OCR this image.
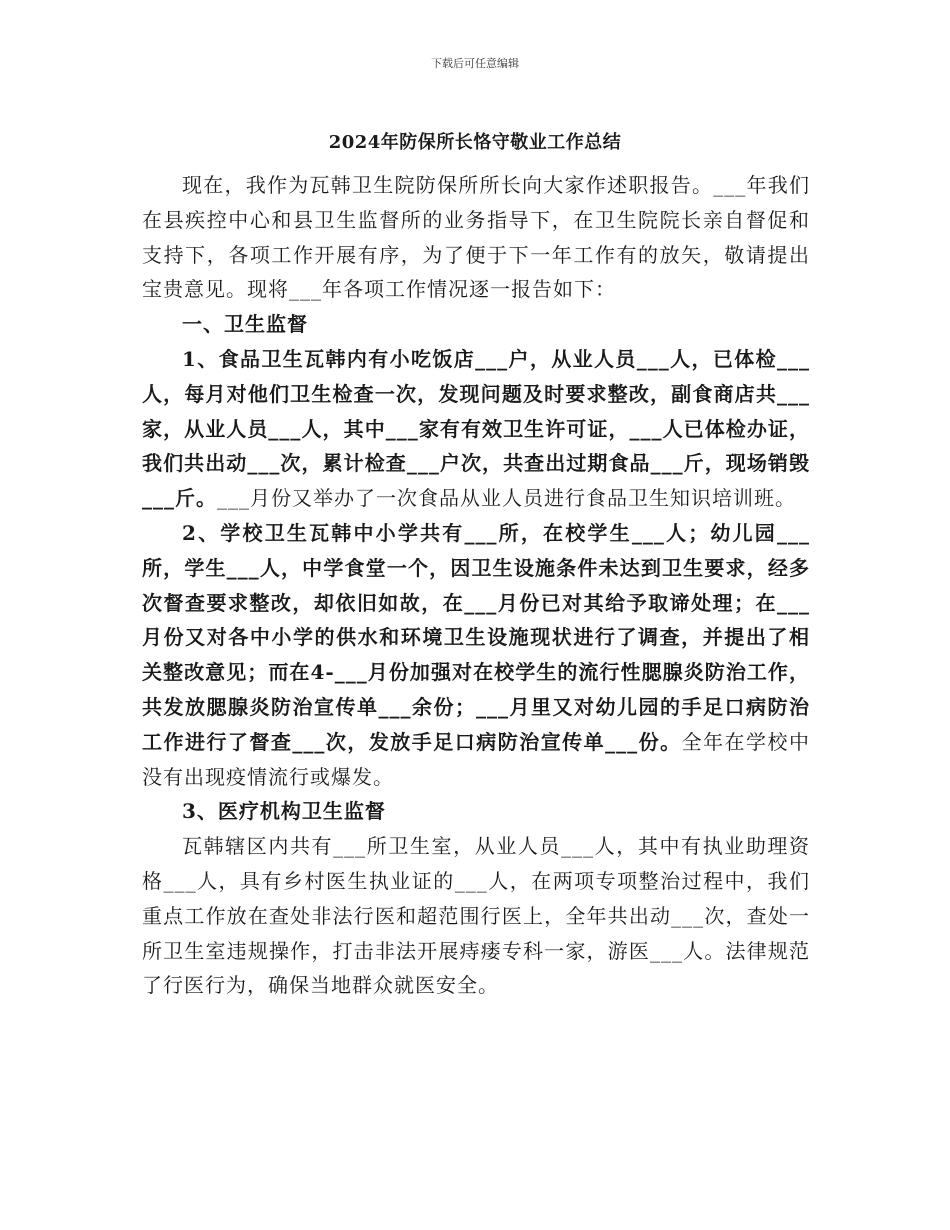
下载后可任意编辑
2024年防保所长恪守敬业工作总结

现在，我作为瓦韩卫生院防保所所长向大家作述职报告。___年我们在县疾控中心和县卫生监督所的业务指导下，在卫生院院长亲自督促和支持下，各项工作开展有序，为了便于下一年工作有的放矢，敬请提出宝贵意见。现将___年各项工作情况逐一报告如下：

一、卫生监督

1、食品卫生瓦韩内有小吃饭店___户，从业人员___人，已体检___人，每月对他们卫生检查一次，发现问题及时要求整改，副食商店共___家，从业人员___人，其中___家有有效卫生许可证，___人已体检办证，我们共出动___次，累计检查___户次，共查出过期食品___斤，现场销毁___斤。___月份又举办了一次食品从业人员进行食品卫生知识培训班。

2、学校卫生瓦韩中小学共有___所，在校学生___人；幼儿园___所，学生___人，中学食堂一个，因卫生设施条件未达到卫生要求，经多次督查要求整改，却依旧如故，在___月份已对其给予取谛处理；在___月份又对各中小学的供水和环境卫生设施现状进行了调查，并提出了相关整改意见；而在4-___月份加强对在校学生的流行性腮腺炎防治工作，共发放腮腺炎防治宣传单___余份；___月里又对幼儿园的手足口病防治工作进行了督查___次，发放手足口病防治宣传单___份。全年在学校中没有出现疫情流行或爆发。

3、医疗机构卫生监督

瓦韩辖区内共有___所卫生室，从业人员___人，其中有执业助理资格___人，具有乡村医生执业证的___人，在两项专项整治过程中，我们重点工作放在查处非法行医和超范围行医上，全年共出动___次，查处一所卫生室违规操作，打击非法开展痔瘘专科一家，游医___人。法律规范了行医行为，确保当地群众就医安全。
